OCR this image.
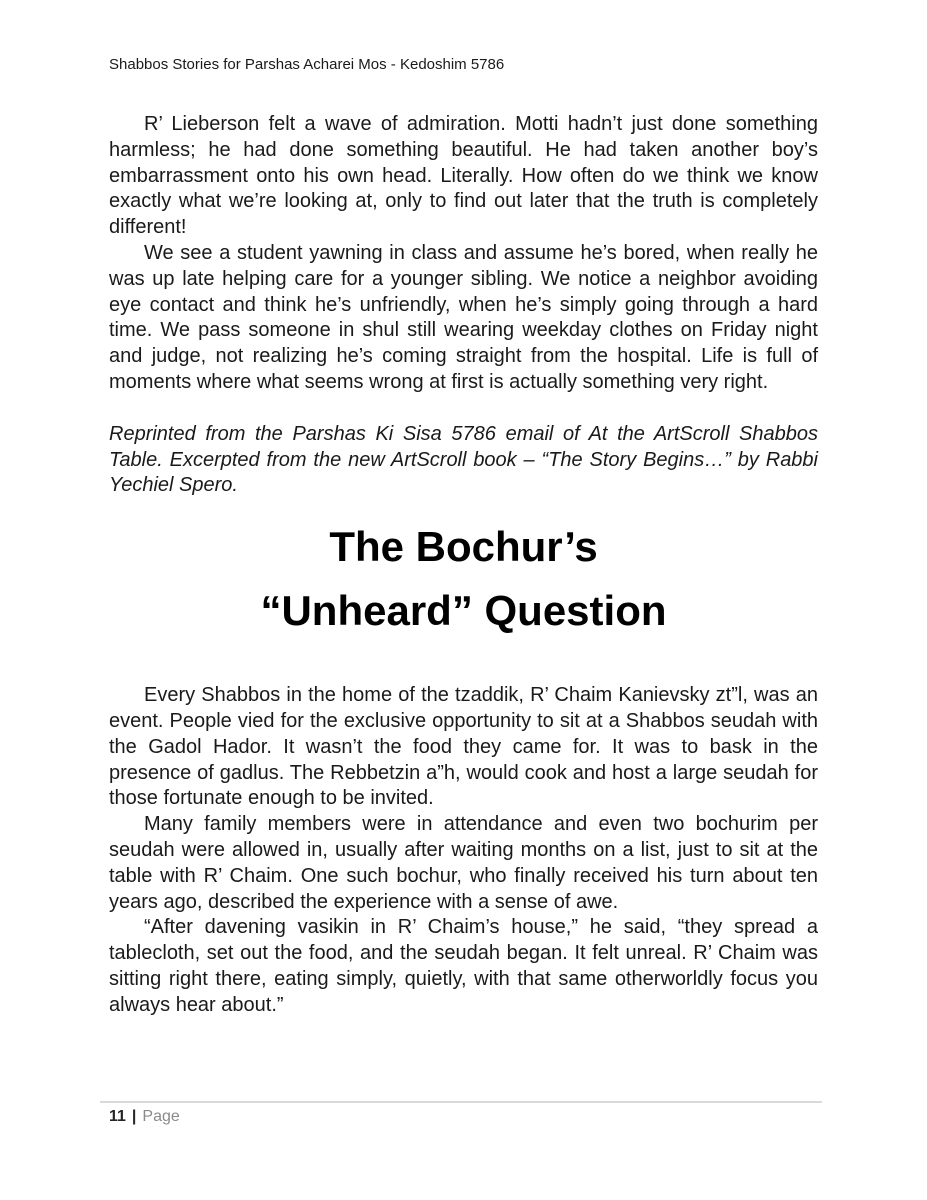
Shabbos Stories for Parshas Acharei Mos - Kedoshim 5786

R’ Lieberson felt a wave of admiration. Motti hadn’t just done something harmless; he had done something beautiful. He had taken another boy’s embarrassment onto his own head. Literally. How often do we think we know exactly what we’re looking at, only to find out later that the truth is completely different!

We see a student yawning in class and assume he’s bored, when really he was up late helping care for a younger sibling. We notice a neighbor avoiding eye contact and think he’s unfriendly, when he’s simply going through a hard time. We pass someone in shul still wearing weekday clothes on Friday night and judge, not realizing he’s coming straight from the hospital. Life is full of moments where what seems wrong at first is actually something very right.

Reprinted from the Parshas Ki Sisa 5786 email of At the ArtScroll Shabbos Table. Excerpted from the new ArtScroll book – “The Story Begins…” by Rabbi Yechiel Spero.

The Bochur’s
“Unheard” Question

Every Shabbos in the home of the tzaddik, R’ Chaim Kanievsky zt”l, was an event. People vied for the exclusive opportunity to sit at a Shabbos seudah with the Gadol Hador. It wasn’t the food they came for. It was to bask in the presence of gadlus. The Rebbetzin a”h, would cook and host a large seudah for those fortunate enough to be invited.

Many family members were in attendance and even two bochurim per seudah were allowed in, usually after waiting months on a list, just to sit at the table with R’ Chaim. One such bochur, who finally received his turn about ten years ago, described the experience with a sense of awe.

“After davening vasikin in R’ Chaim’s house,” he said, “they spread a tablecloth, set out the food, and the seudah began. It felt unreal. R’ Chaim was sitting right there, eating simply, quietly, with that same otherworldly focus you always hear about.”

11 | Page
